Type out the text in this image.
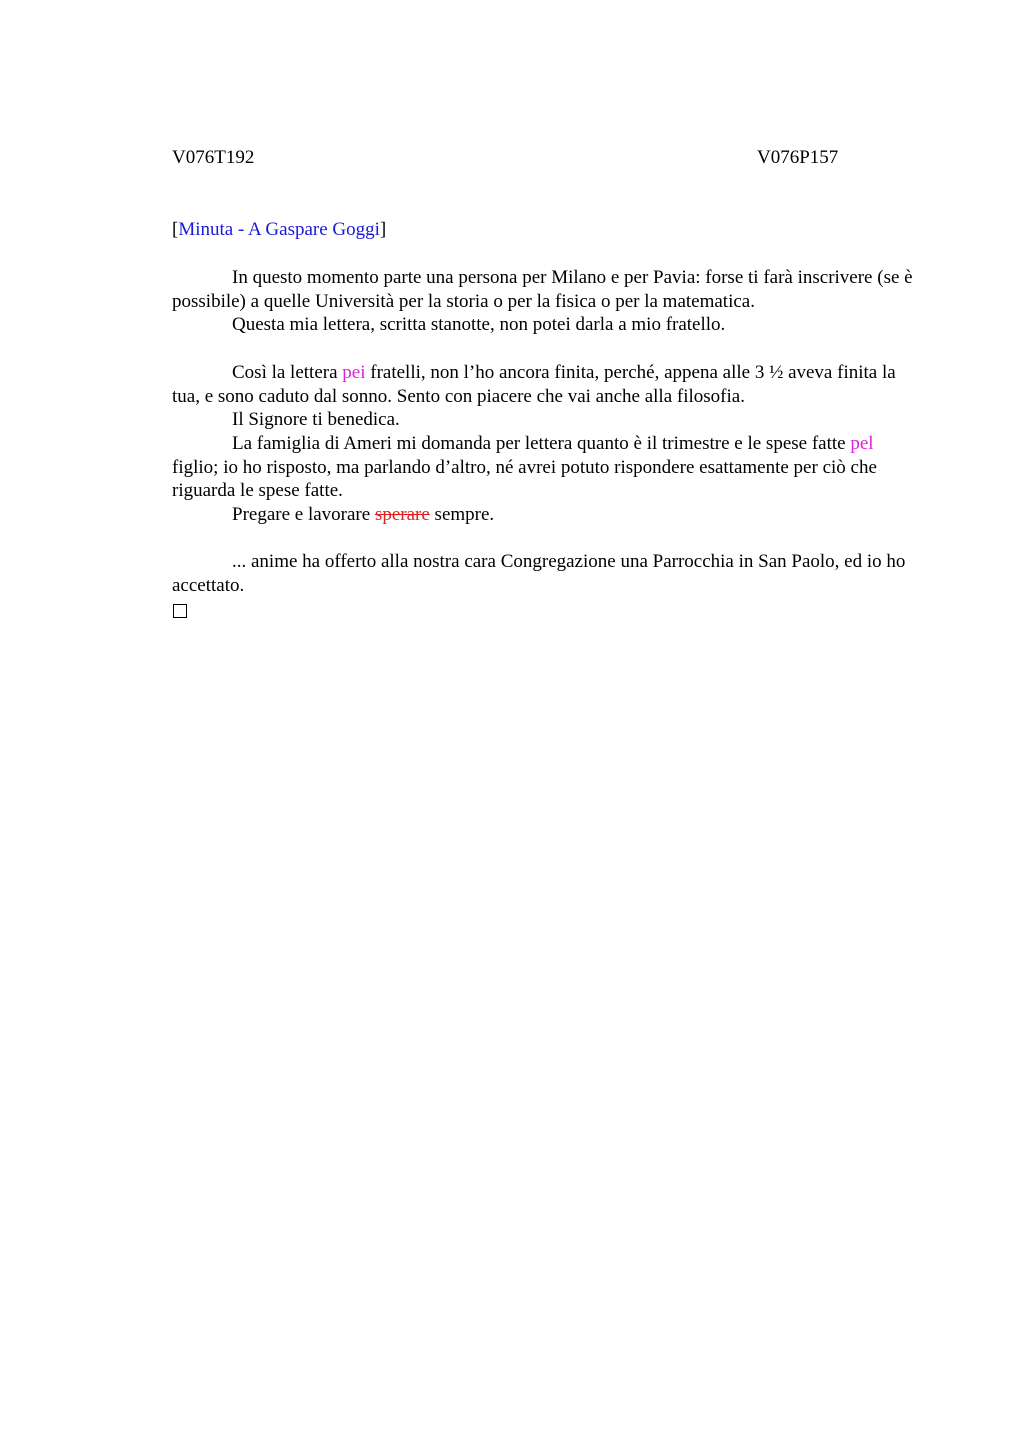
V076T192	V076P157
[Minuta - A Gaspare Goggi]

In questo momento parte una persona per Milano e per Pavia: forse ti farà inscrivere (se è possibile) a quelle Università per la storia o per la fisica o per la matematica.

Questa mia lettera, scritta stanotte, non potei darla a mio fratello.

Così la lettera pei fratelli, non l’ho ancora finita, perché, appena alle 3 ½ aveva finita la tua, e sono caduto dal sonno. Sento con piacere che vai anche alla filosofia.

Il Signore ti benedica.

La famiglia di Ameri mi domanda per lettera quanto è il trimestre e le spese fatte pel figlio; io ho risposto, ma parlando d’altro, né avrei potuto rispondere esattamente per ciò che riguarda le spese fatte.

Pregare e lavorare sperare sempre.

... anime ha offerto alla nostra cara Congregazione una Parrocchia in San Paolo, ed io ho accettato.
